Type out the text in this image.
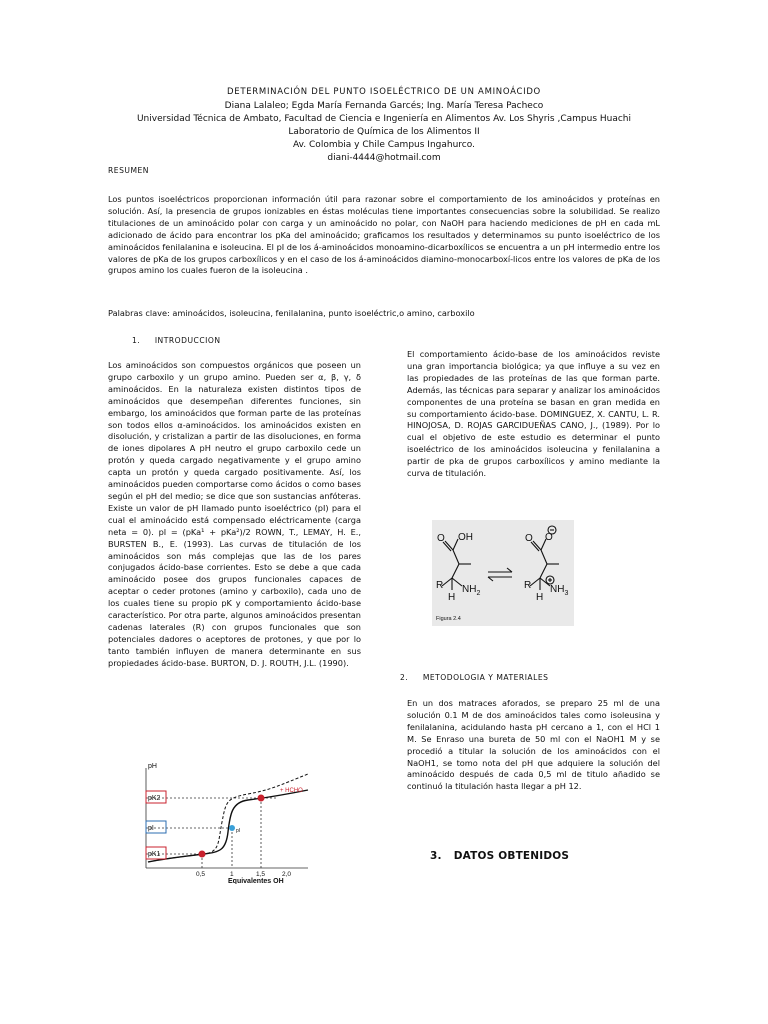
DETERMINACIÓN DEL PUNTO ISOELÉCTRICO DE UN AMINOÁCIDO
Diana Lalaleo; Egda María Fernanda Garcés; Ing. María Teresa Pacheco
Universidad Técnica de Ambato, Facultad de Ciencia e Ingeniería en Alimentos Av. Los Shyris ,Campus Huachi
Laboratorio de Química de los Alimentos II
Av. Colombia y Chile Campus Ingahurco.
diani-4444@hotmail.com
RESUMEN
Los puntos isoeléctricos proporcionan información útil para razonar sobre el comportamiento de los aminoácidos y proteínas en solución. Así, la presencia de grupos ionizables en éstas moléculas tiene importantes consecuencias sobre la solubilidad. Se realizo titulaciones de un aminoácido polar con carga y un aminoácido no polar, con NaOH para haciendo mediciones de pH en cada mL adicionado de ácido para encontrar los pKa del aminoácido; graficamos los resultados y determinamos su punto isoeléctrico de los aminoácidos fenilalanina e isoleucina. El pI de los á-aminoácidos monoamino-dicarboxílicos se encuentra a un pH intermedio entre los valores de pKa de los grupos carboxílicos y en el caso de los á-aminoácidos diamino-monocarboxí-licos entre los valores de pKa de los grupos amino los cuales fueron de la isoleucina .
Palabras clave: aminoácidos, isoleucina, fenilalanina, punto isoeléctric,o amino, carboxilo
1.     INTRODUCCION
Los aminoácidos son compuestos orgánicos que poseen un grupo carboxilo y un grupo amino. Pueden ser α, β, γ, δ aminoácidos. En la naturaleza existen distintos tipos de aminoácidos que desempeñan diferentes funciones, sin embargo, los aminoácidos que forman parte de las proteínas son todos ellos α-aminoácidos. los aminoácidos existen en disolución, y cristalizan a partir de las disoluciones, en forma de iones dipolares A pH neutro el grupo carboxilo cede un protón y queda cargado negativamente y el grupo amino capta un protón y queda cargado positivamente. Así, los aminoácidos pueden comportarse como ácidos o como bases según el pH del medio; se dice que son sustancias anfóteras. Existe un valor de pH llamado punto isoeléctrico (pI) para el cual el aminoácido está compensado eléctricamente (carga neta = 0). pI = (pKa¹ + pKa²)/2 ROWN, T., LEMAY, H. E., BURSTEN B., E. (1993). Las curvas de titulación de los aminoácidos son más complejas que las de los pares conjugados ácido-base corrientes. Esto se debe a que cada aminoácido posee dos grupos funcionales capaces de aceptar o ceder protones (amino y carboxilo), cada uno de los cuales tiene su propio pK y comportamiento ácido-base característico. Por otra parte, algunos aminoácidos presentan cadenas laterales (R) con grupos funcionales que son potenciales dadores o aceptores de protones, y que por lo tanto también influyen de manera determinante en sus propiedades ácido-base. BURTON, D. J. ROUTH, J.L. (1990).
El comportamiento ácido-base de los aminoácidos reviste una gran importancia biológica; ya que influye a su vez en las propiedades de las proteínas de las que forman parte. Además, las técnicas para separar y analizar los aminoácidos componentes de una proteína se basan en gran medida en su comportamiento ácido-base. DOMINGUEZ, X. CANTU, L. R. HINOJOSA, D. ROJAS GARCIDUEÑAS CANO, J., (1989). Por lo cual el objetivo de este estudio es determinar el punto isoeléctrico de los aminoácidos isoleucina y fenilalanina a partir de pka de grupos carboxílicos y amino mediante la curva de titulación.
OH
O
R
H
$NH_2$
O O
R
H
$NH_3$
Figura 2.4
2.     METODOLOGIA Y MATERIALES
En un dos matraces aforados, se preparo 25 ml de una solución 0.1 M de dos aminoácidos tales como isoleusina y fenilalanina, acidulando hasta pH cercano a 1, con el HCl 1 M. Se Enraso una bureta de 50 ml con el NaOH1 M y se procedió a titular la solución de los aminoácidos con el NaOH1, se tomo nota del pH que adquiere la solución del aminoácido después de cada 0,5 ml de titulo añadido se continuó la titulación hasta llegar a pH 12.
3. DATOS OBTENIDOS
pH
pK2
pI
pK1
pI
+ HCHO
0,5	1	1,5	2,0
Equivalentes OH
